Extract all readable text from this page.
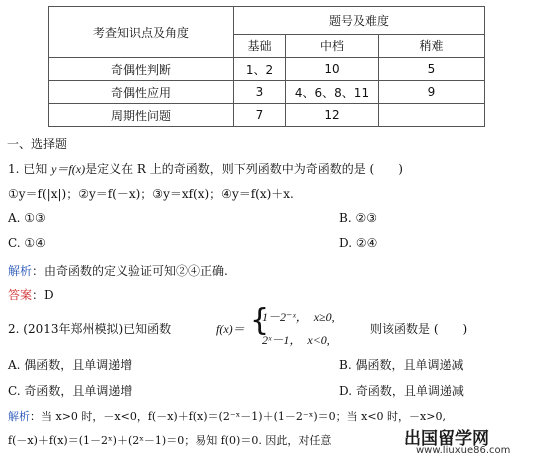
考查知识点及角度	题号及难度		
	基础	中档	稍难
奇偶性判断	1、2	10	5
奇偶性应用	3	4、6、8、11	9
周期性问题	7	12	
一、选择题
1. 已知 y＝f(x)是定义在 R 上的奇函数，则下列函数中为奇函数的是 (　　)
①y＝f(|x|)；②y＝f(－x)；③y＝xf(x)；④y＝f(x)＋x.
A. ①③	B. ②③
C. ①④	D. ②④
解析：由奇函数的定义验证可知②④正确.
答案：D
2. (2013年郑州模拟)已知函数	f(x)＝ {
1－2⁻ˣ，　x≥0,
2ˣ－1，　x<0,
则该函数是 (　　)
A. 偶函数，且单调递增	B. 偶函数，且单调递减
C. 奇函数，且单调递增	D. 奇函数，且单调递减
解析：当 x>0 时，－x<0，f(－x)＋f(x)＝(2⁻ˣ－1)＋(1－2⁻ˣ)＝0；当 x<0 时，－x>0,
f(－x)＋f(x)＝(1－2ˣ)＋(2ˣ－1)＝0；易知 f(0)＝0. 因此，对任意	出国留学网
www.liuxue86.com
